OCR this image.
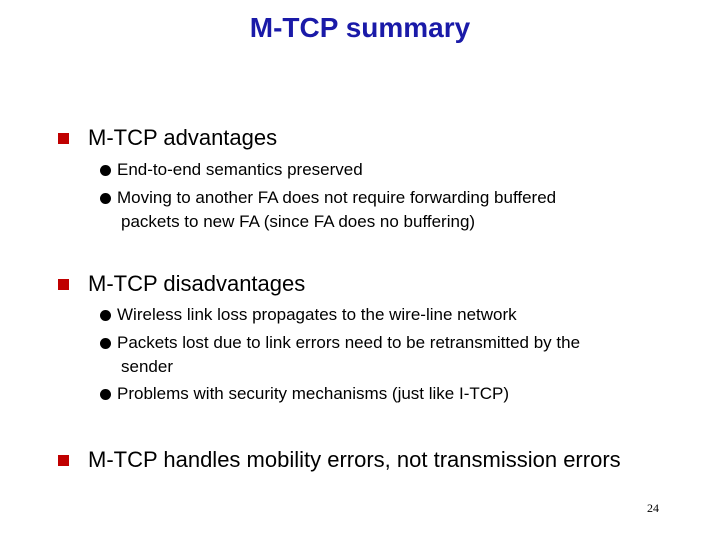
M-TCP summary
M-TCP advantages
End-to-end semantics preserved
Moving to another FA does not require forwarding buffered
packets to new FA (since FA does no buffering)
M-TCP disadvantages
Wireless link loss propagates to the wire-line network
Packets lost due to link errors need to be retransmitted by the
sender
Problems with security mechanisms (just like I-TCP)
M-TCP handles mobility errors, not transmission errors
24
